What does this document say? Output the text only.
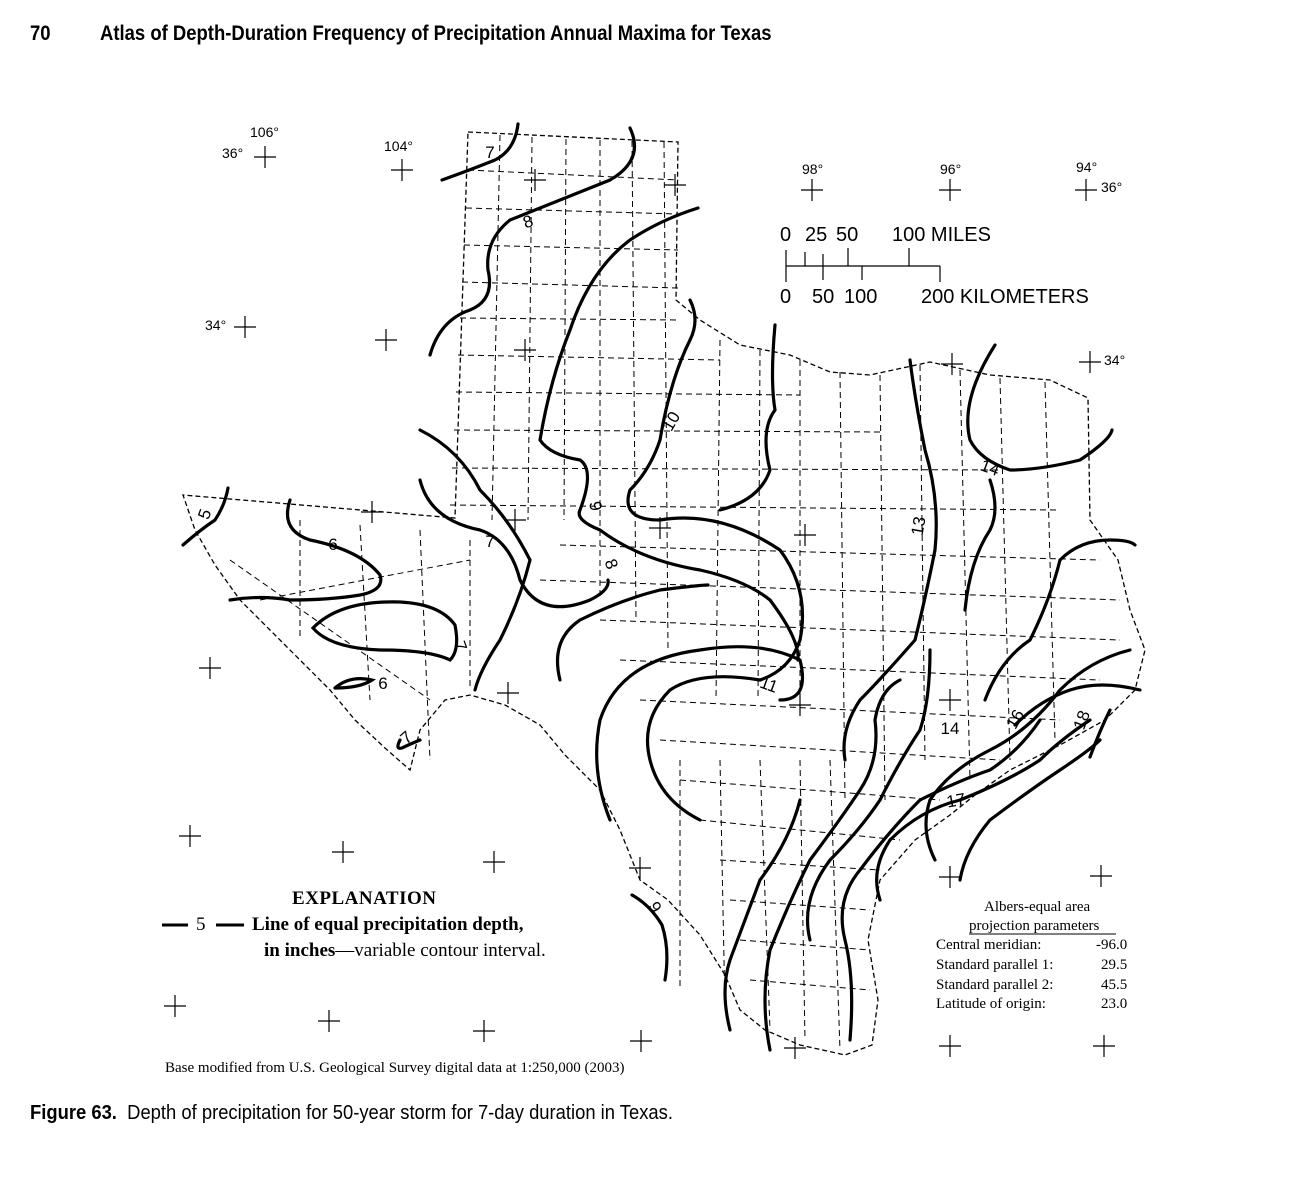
70 Atlas of Depth-Duration Frequency of Precipitation Annual Maxima for Texas
5
6
6
7
7
7
7
8
8
9
9
10
11
13
14
14	16
17
18
0 25 50 100 MILES
0 50 100 200 KILOMETERS
106°
104°
98°	96°	94°
36°
34°
34°
36°
EXPLANATION
5 Line of equal precipitation depth,
in inches—variable contour interval.
Albers-equal area
projection parameters
Central meridian:	-96.0
Standard parallel 1:	29.5
Standard parallel 2:	45.5
Latitude of origin:	23.0
Base modified from U.S. Geological Survey digital data at 1:250,000 (2003)
Figure 63. Depth of precipitation for 50-year storm for 7-day duration in Texas.
